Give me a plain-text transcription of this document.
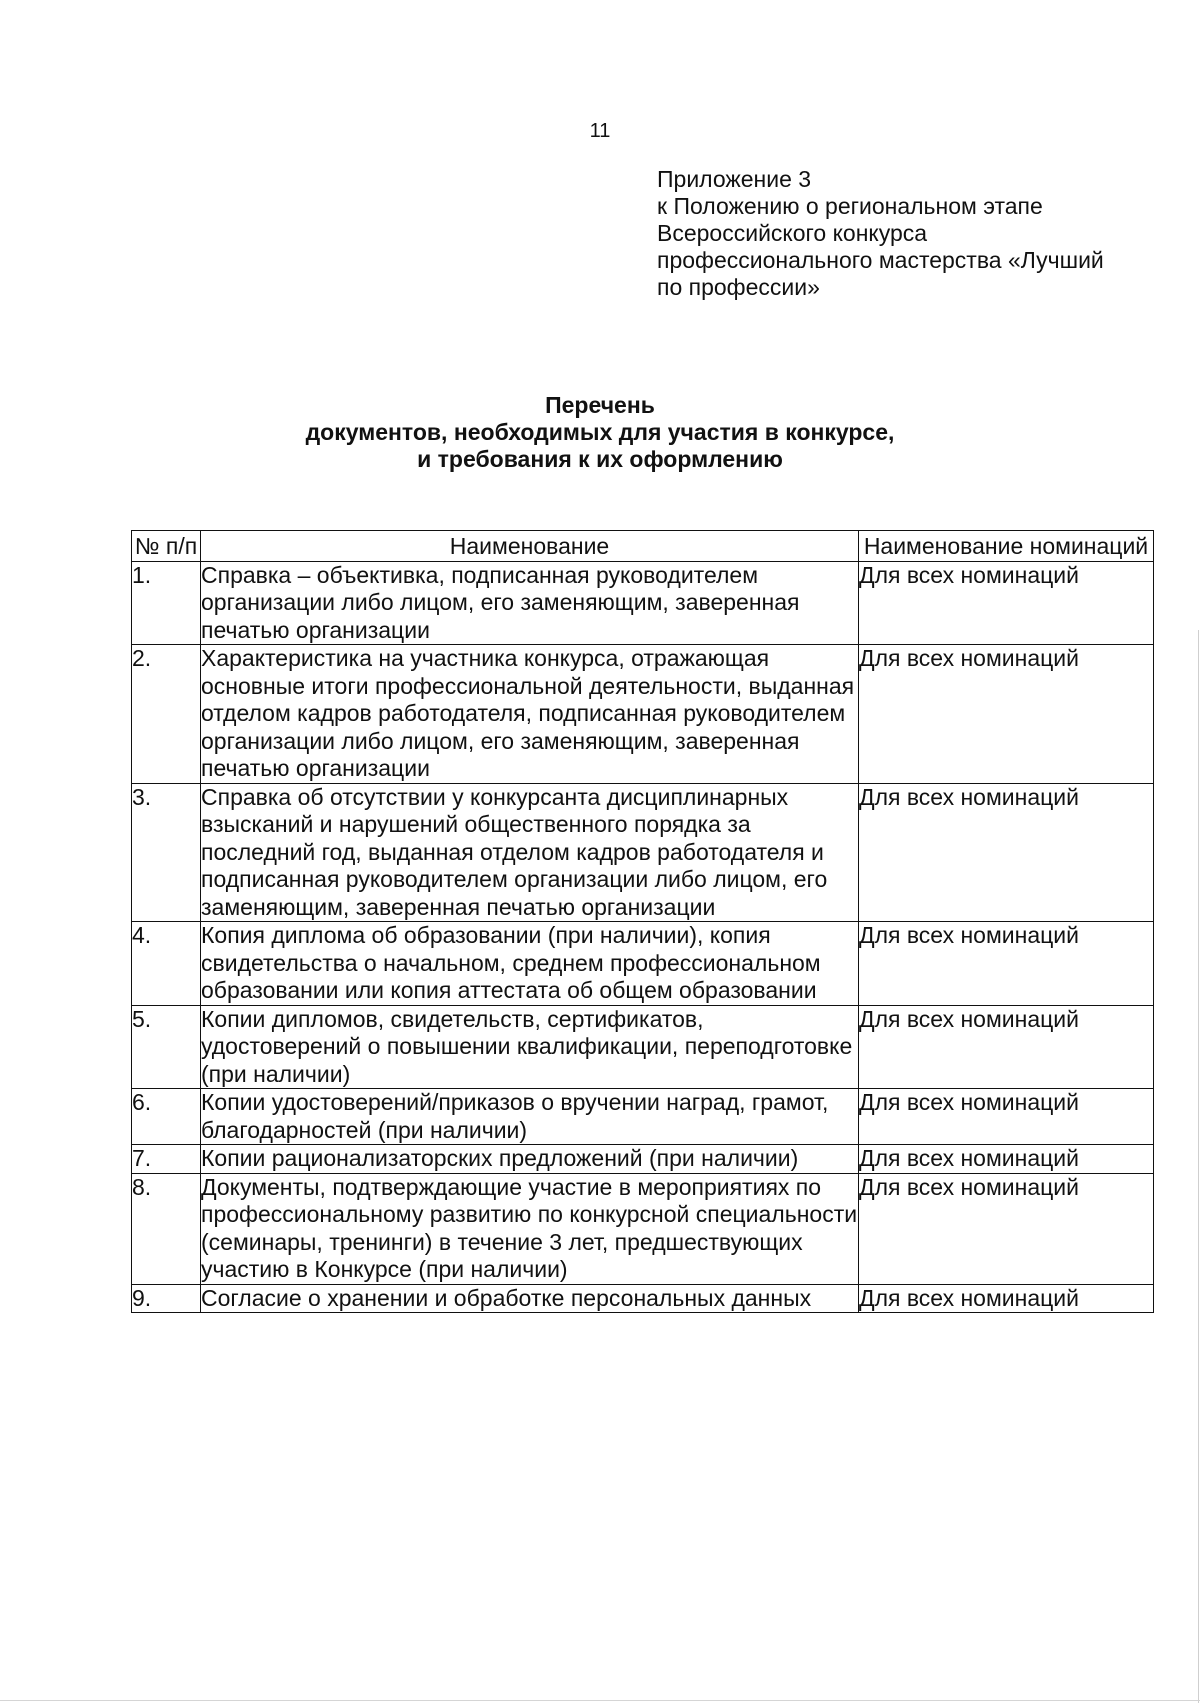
11
Приложение 3
к Положению о региональном этапе
Всероссийского конкурса
профессионального мастерства «Лучший
по профессии»
Перечень
документов, необходимых для участия в конкурсе,
и требования к их оформлению
№ п/п	Наименование	Наименование номинаций
1.	Справка – объективка, подписанная руководителем организации либо лицом, его заменяющим, заверенная печатью организации	Для всех номинаций
2.	Характеристика на участника конкурса, отражающая основные итоги профессиональной деятельности, выданная отделом кадров работодателя, подписанная руководителем организации либо лицом, его заменяющим, заверенная печатью организации	Для всех номинаций
3.	Справка об отсутствии у конкурсанта дисциплинарных взысканий и нарушений общественного порядка за последний год, выданная отделом кадров работодателя и подписанная руководителем организации либо лицом, его заменяющим, заверенная печатью организации	Для всех номинаций
4.	Копия диплома об образовании (при наличии), копия свидетельства о начальном, среднем профессиональном образовании или копия аттестата об общем образовании	Для всех номинаций
5.	Копии дипломов, свидетельств, сертификатов, удостоверений о повышении квалификации, переподготовке (при наличии)	Для всех номинаций
6.	Копии удостоверений/приказов о вручении наград, грамот, благодарностей (при наличии)	Для всех номинаций
7.	Копии рационализаторских предложений (при наличии)	Для всех номинаций
8.	Документы, подтверждающие участие в мероприятиях по профессиональному развитию по конкурсной специальности (семинары, тренинги) в течение 3 лет, предшествующих участию в Конкурсе (при наличии)	Для всех номинаций
9.	Согласие о хранении и обработке персональных данных	Для всех номинаций
